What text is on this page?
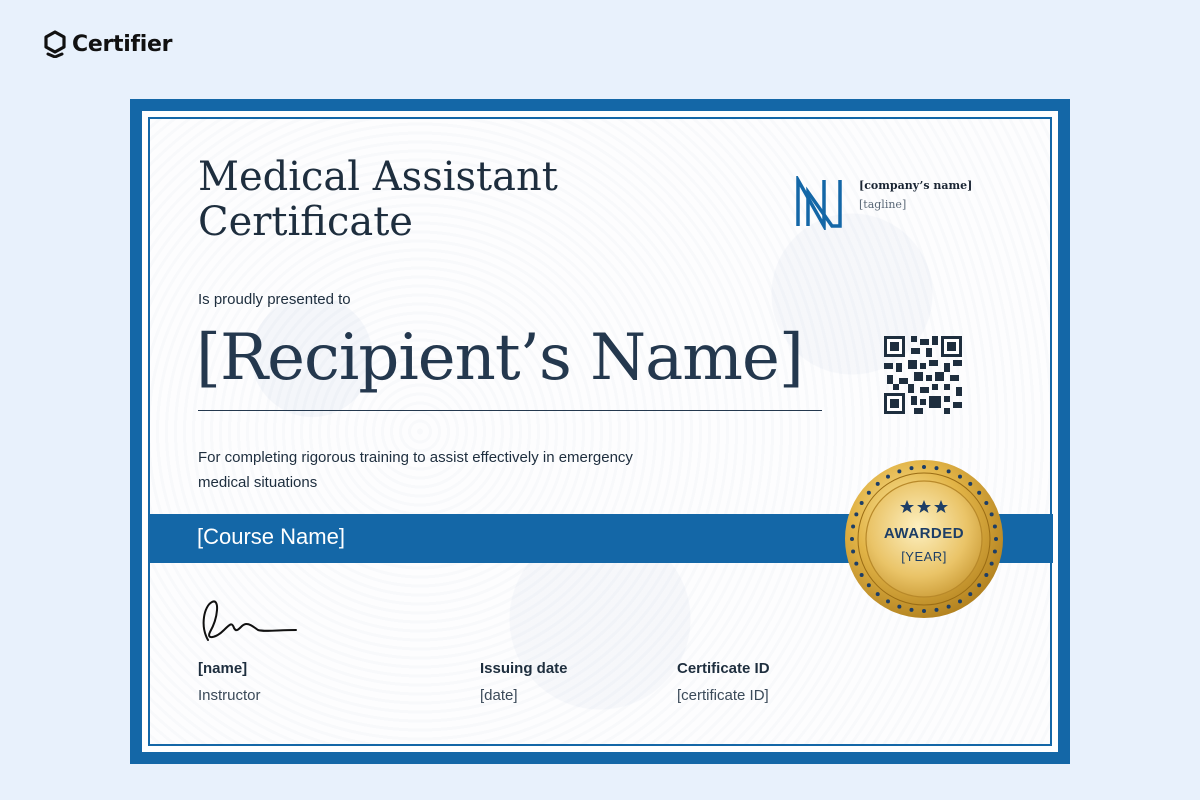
Certifier
Medical Assistant
Certificate
[company’s name]
[tagline]
Is proudly presented to
[Recipient’s Name]
For completing rigorous training to assist effectively in emergency medical situations
[Course Name]	AWARDED
[YEAR]
[name]
Instructor
Issuing date
[date]
Certificate ID
[certificate ID]
